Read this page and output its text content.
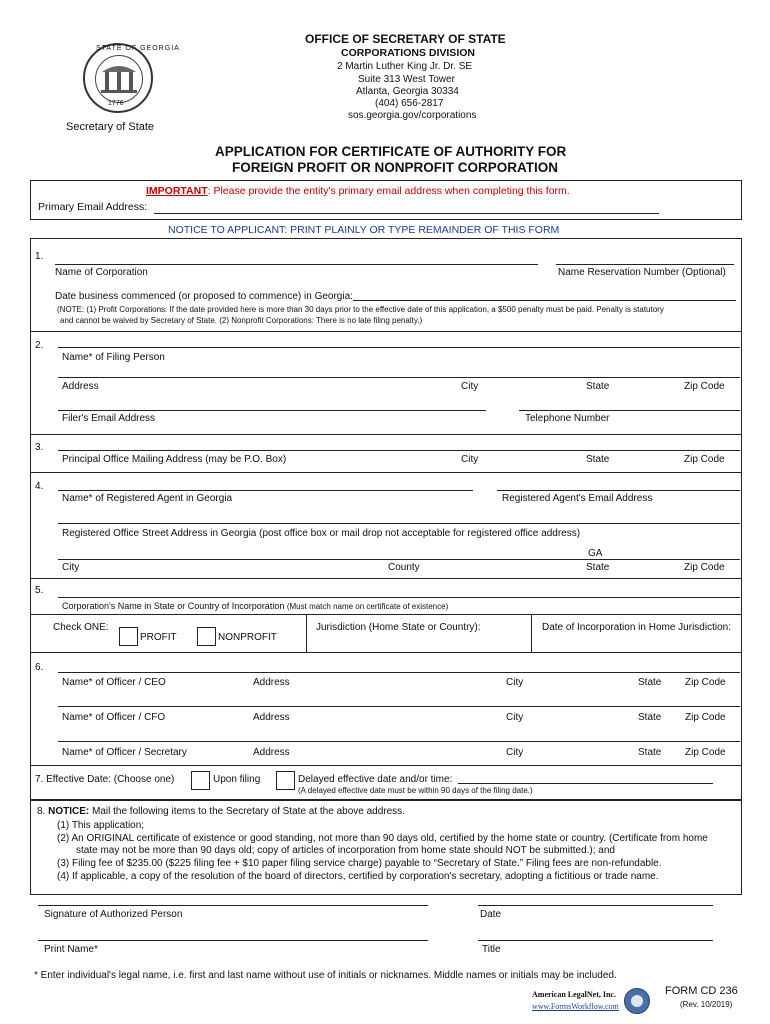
STATE OF GEORGIA
1776
Secretary of State
OFFICE OF SECRETARY OF STATE
CORPORATIONS DIVISION
2 Martin Luther King Jr. Dr. SE
Suite 313 West Tower
Atlanta, Georgia 30334
(404) 656-2817
sos.georgia.gov/corporations
APPLICATION FOR CERTIFICATE OF AUTHORITY FOR
FOREIGN PROFIT OR NONPROFIT CORPORATION
IMPORTANT: Please provide the entity's primary email address when completing this form.
Primary Email Address:
NOTICE TO APPLICANT: PRINT PLAINLY OR TYPE REMAINDER OF THIS FORM
1.
Name of Corporation	Name Reservation Number (Optional)
Date business commenced (or proposed to commence) in Georgia:
(NOTE: (1) Profit Corporations: If the date provided here is more than 30 days prior to the effective date of this application, a $500 penalty must be paid. Penalty is statutory
and cannot be waived by Secretary of State. (2) Nonprofit Corporations: There is no late filing penalty.)
2.
Name* of Filing Person
Address	City	State	Zip Code
Filer's Email Address	Telephone Number
3.
Principal Office Mailing Address (may be P.O. Box)	City	State	Zip Code
4.
Name* of Registered Agent in Georgia	Registered Agent's Email Address
Registered Office Street Address in Georgia (post office box or mail drop not acceptable for registered office address)
GA
City	County	State	Zip Code
5.
Corporation's Name in State or Country of Incorporation (Must match name on certificate of existence)
Check ONE:
PROFIT	NONPROFIT
Jurisdiction (Home State or Country):	Date of Incorporation in Home Jurisdiction:
6.
Name* of Officer / CEO	Address	City	State Zip Code
Name* of Officer / CFO	Address	City	State Zip Code
Name* of Officer / Secretary	Address	City	State Zip Code
7. Effective Date: (Choose one)	Upon filing	Delayed effective date and/or time:
(A delayed effective date must be within 90 days of the filing date.)
8. NOTICE: Mail the following items to the Secretary of State at the above address.
(1) This application;
(2) An ORIGINAL certificate of existence or good standing, not more than 90 days old, certified by the home state or country. (Certificate from home
state may not be more than 90 days old; copy of articles of incorporation from home state should NOT be submitted.); and
(3) Filing fee of $235.00 ($225 filing fee + $10 paper filing service charge) payable to “Secretary of State.” Filing fees are non-refundable.
(4) If applicable, a copy of the resolution of the board of directors, certified by corporation's secretary, adopting a fictitious or trade name.
Signature of Authorized Person	Date
Print Name*	Title
* Enter individual's legal name, i.e. first and last name without use of initials or nicknames. Middle names or initials may be included.
American LegalNet, Inc.
www.FormsWorkflow.com
FORM CD 236
(Rev. 10/2019)
